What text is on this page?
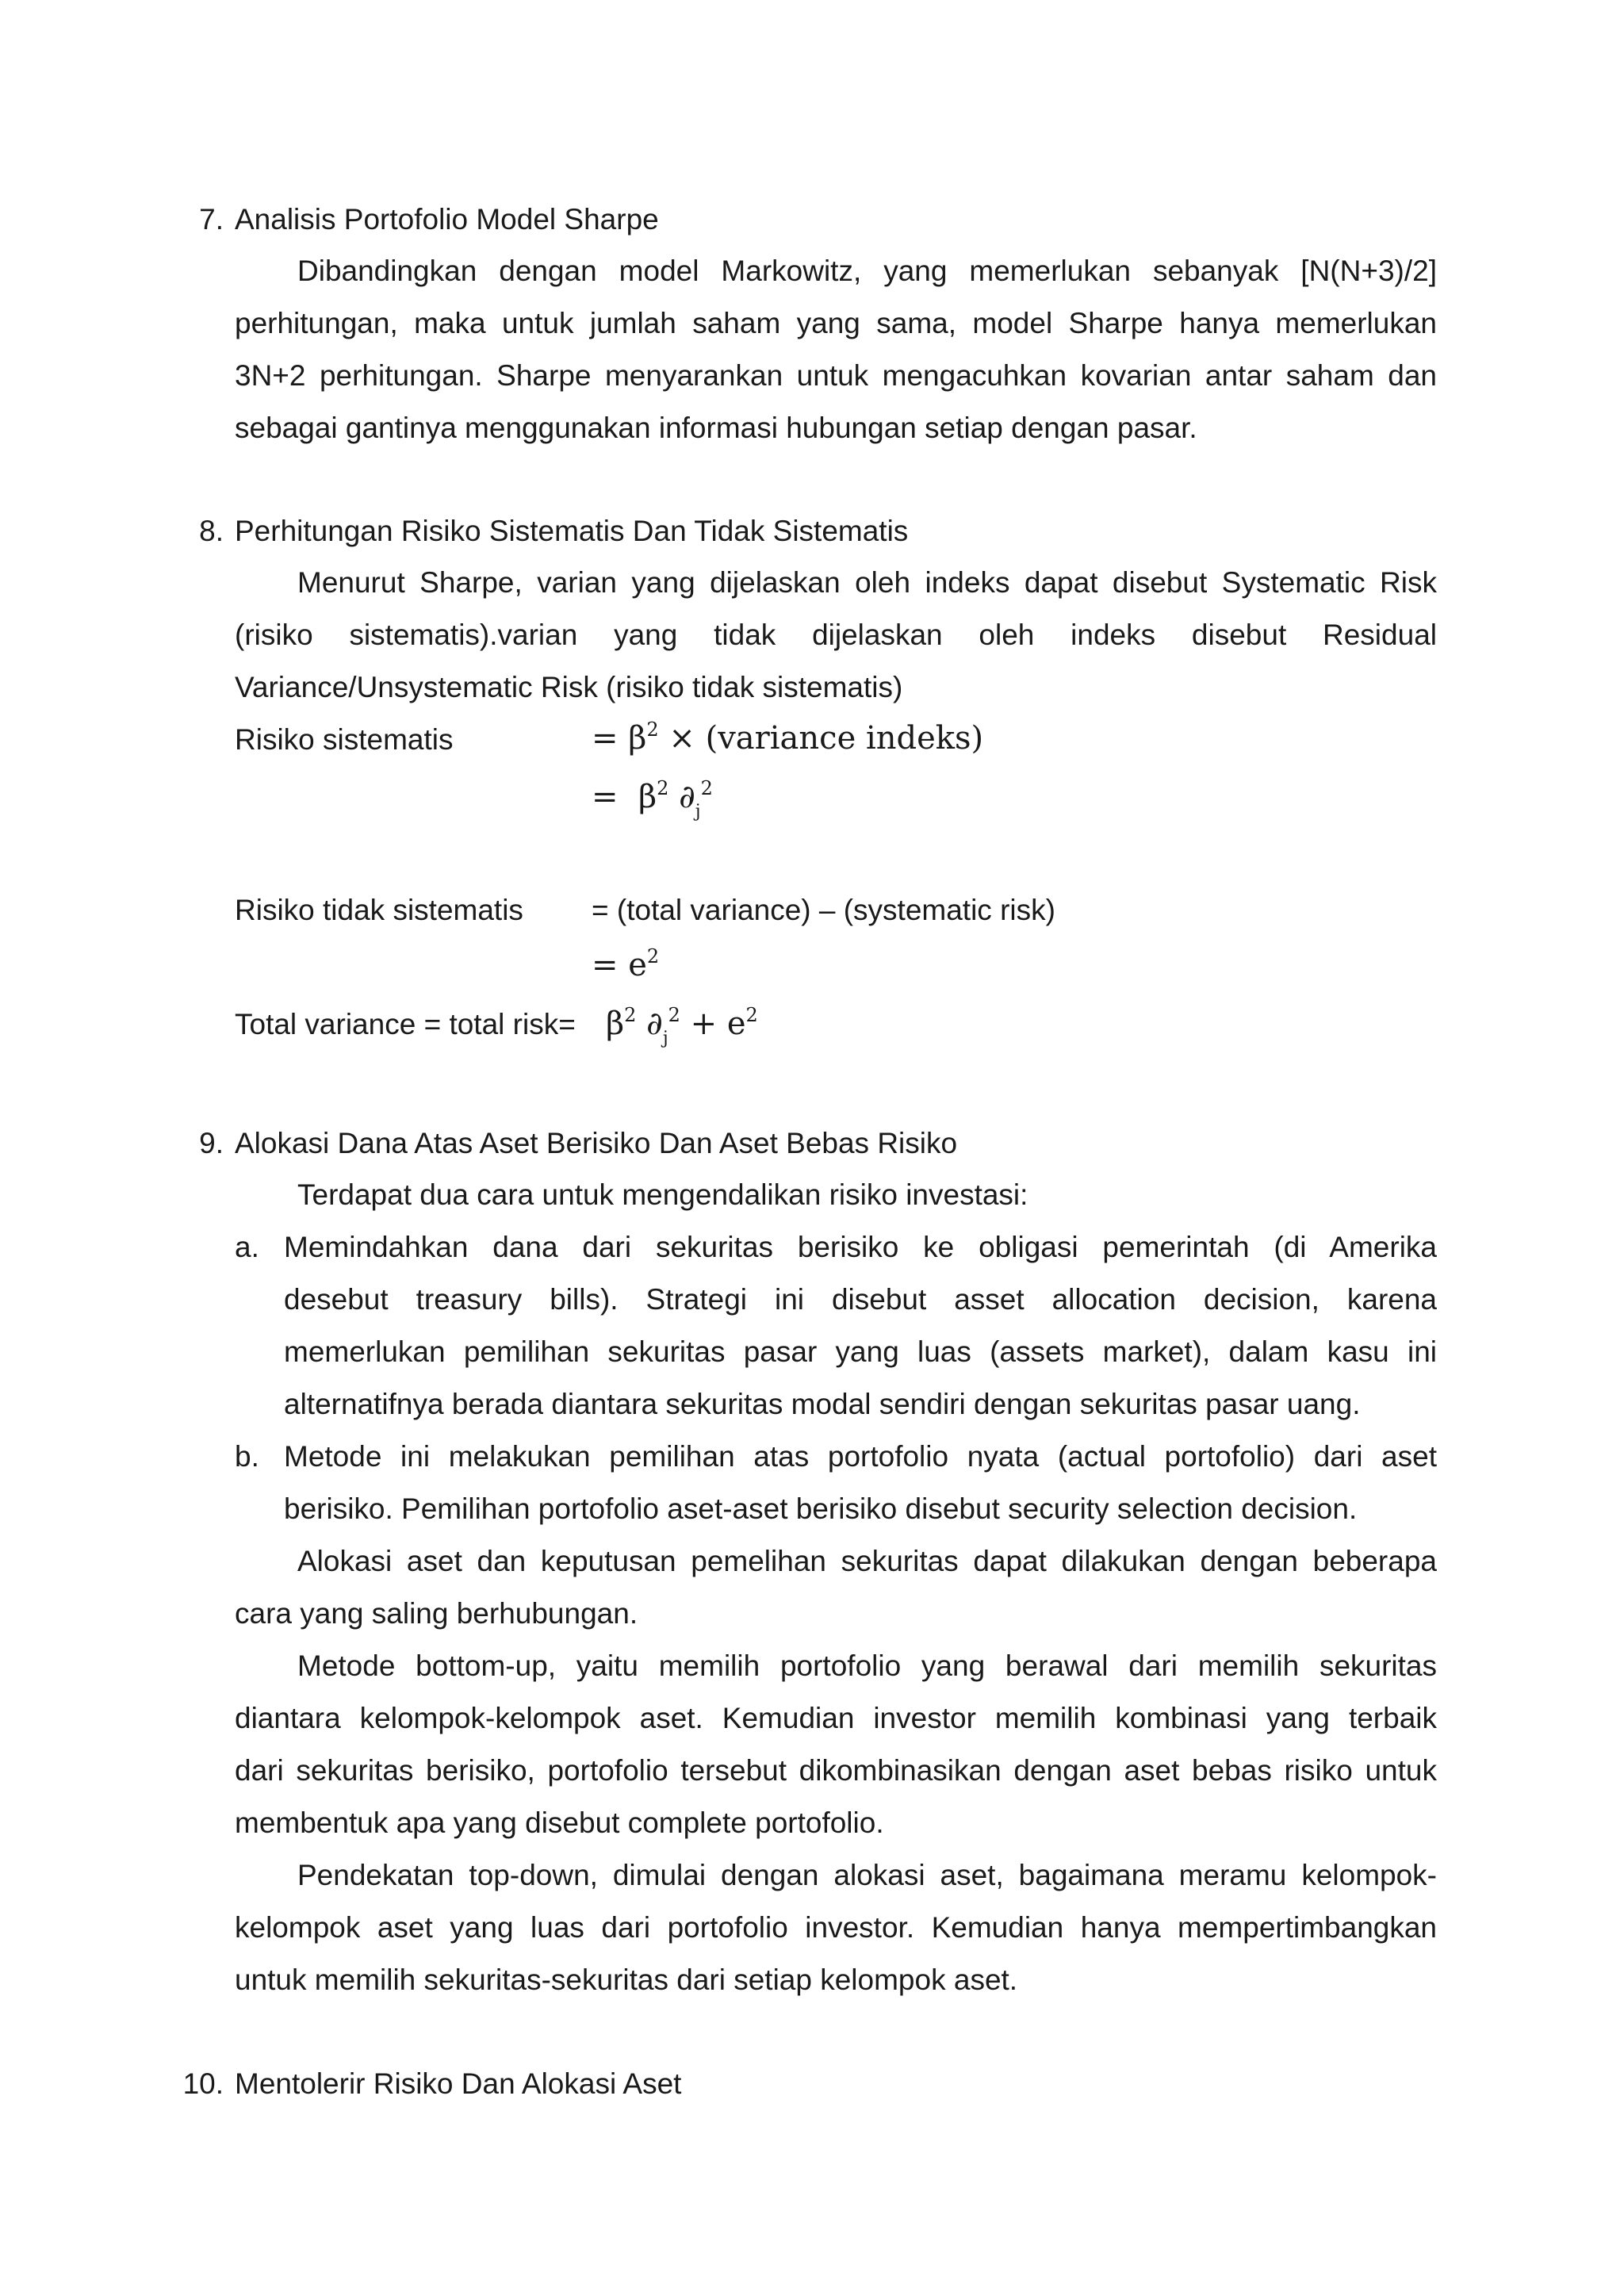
7. Analisis Portofolio Model Sharpe
Dibandingkan dengan model Markowitz, yang memerlukan sebanyak [N(N+3)/2]
perhitungan, maka untuk jumlah saham yang sama, model Sharpe hanya memerlukan
3N+2 perhitungan. Sharpe menyarankan untuk mengacuhkan kovarian antar saham dan
sebagai gantinya menggunakan informasi hubungan setiap dengan pasar.
8. Perhitungan Risiko Sistematis Dan Tidak Sistematis
Menurut Sharpe, varian yang dijelaskan oleh indeks dapat disebut Systematic Risk
(risiko sistematis).varian yang tidak dijelaskan oleh indeks disebut Residual
Variance/Unsystematic Risk (risiko tidak sistematis)
Risiko sistematis	= $\beta^2$ × (variance indeks)
=  $\beta^2$ $\partial_j^2$
Risiko tidak sistematis = (total variance) – (systematic risk)
= $e^2$
Total variance = total risk= $\beta^2$ $\partial_j^2 + e^2$
9. Alokasi Dana Atas Aset Berisiko Dan Aset Bebas Risiko
Terdapat dua cara untuk mengendalikan risiko investasi:
a. Memindahkan dana dari sekuritas berisiko ke obligasi pemerintah (di Amerika
desebut treasury bills). Strategi ini disebut asset allocation decision, karena
memerlukan pemilihan sekuritas pasar yang luas (assets market), dalam kasu ini
alternatifnya berada diantara sekuritas modal sendiri dengan sekuritas pasar uang.
b. Metode ini melakukan pemilihan atas portofolio nyata (actual portofolio) dari aset
berisiko. Pemilihan portofolio aset-aset berisiko disebut security selection decision.
Alokasi aset dan keputusan pemelihan sekuritas dapat dilakukan dengan beberapa
cara yang saling berhubungan.
Metode bottom-up, yaitu memilih portofolio yang berawal dari memilih sekuritas
diantara kelompok-kelompok aset. Kemudian investor memilih kombinasi yang terbaik
dari sekuritas berisiko, portofolio tersebut dikombinasikan dengan aset bebas risiko untuk
membentuk apa yang disebut complete portofolio.
Pendekatan top-down, dimulai dengan alokasi aset, bagaimana meramu kelompok-
kelompok aset yang luas dari portofolio investor. Kemudian hanya mempertimbangkan
untuk memilih sekuritas-sekuritas dari setiap kelompok aset.
10. Mentolerir Risiko Dan Alokasi Aset
